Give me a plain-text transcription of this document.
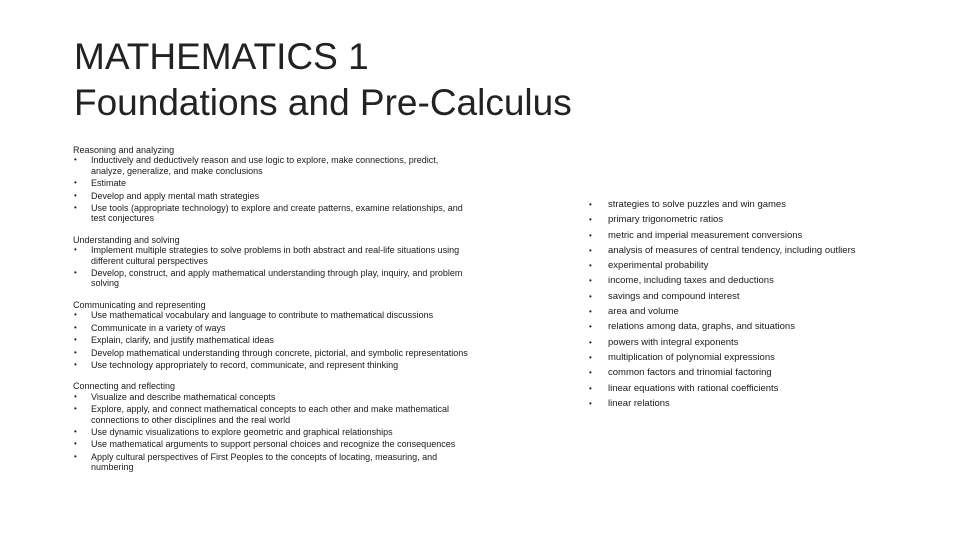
MATHEMATICS 1
Foundations and Pre-Calculus
Reasoning and analyzing
• Inductively and deductively reason and use logic to explore, make connections, predict, analyze, generalize, and make conclusions
• Estimate
• Develop and apply mental math strategies
• Use tools (appropriate technology) to explore and create patterns, examine relationships, and test conjectures
Understanding and solving
• Implement multiple strategies to solve problems in both abstract and real-life situations using different cultural perspectives
• Develop, construct, and apply mathematical understanding through play, inquiry, and problem solving
Communicating and representing
• Use mathematical vocabulary and language to contribute to mathematical discussions
• Communicate in a variety of ways
• Explain, clarify, and justify mathematical ideas
• Develop mathematical understanding through concrete, pictorial, and symbolic representations
• Use technology appropriately to record, communicate, and represent thinking
Connecting and reflecting
• Visualize and describe mathematical concepts
• Explore, apply, and connect mathematical concepts to each other and make mathematical connections to other disciplines and the real world
• Use dynamic visualizations to explore geometric and graphical relationships
• Use mathematical arguments to support personal choices and recognize the consequences
• Apply cultural perspectives of First Peoples to the concepts of locating, measuring, and numbering
• strategies to solve puzzles and win games
• primary trigonometric ratios
• metric and imperial measurement conversions
• analysis of measures of central tendency, including outliers
• experimental probability
• income, including taxes and deductions
• savings and compound interest
• area and volume
• relations among data, graphs, and situations
• powers with integral exponents
• multiplication of polynomial expressions
• common factors and trinomial factoring
• linear equations with rational coefficients
• linear relations
